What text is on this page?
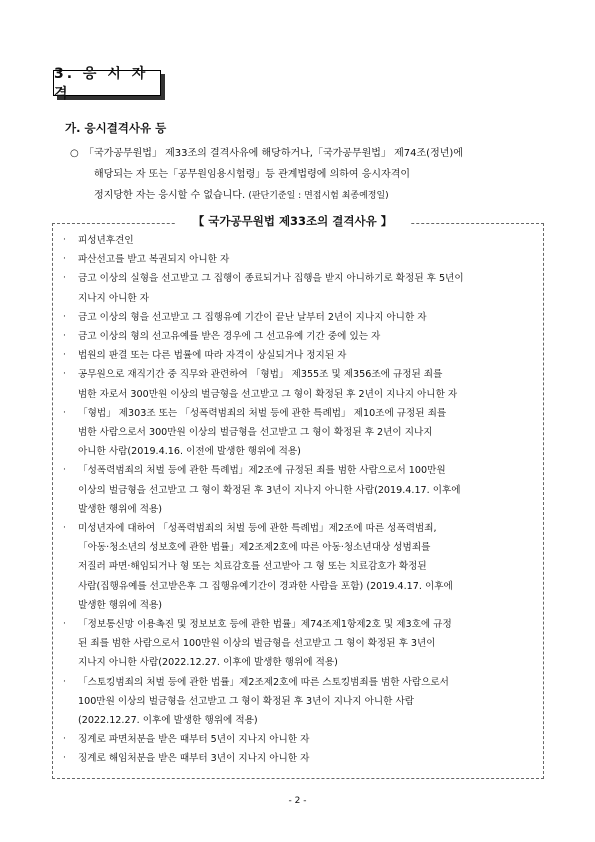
3. 응 시 자 격
가. 응시결격사유 등
○ 「국가공무원법」 제33조의 결격사유에 해당하거나,「국가공무원법」 제74조(정년)에
해당되는 자 또는「공무원임용시험령」등 관계법령에 의하여 응시자격이
정지당한 자는 응시할 수 없습니다. (판단기준일 : 면접시험 최종예정일)
【 국가공무원법 제33조의 결격사유 】
· 피성년후견인
· 파산선고를 받고 복권되지 아니한 자
· 금고 이상의 실형을 선고받고 그 집행이 종료되거나 집행을 받지 아니하기로 확정된 후 5년이
지나지 아니한 자
· 금고 이상의 형을 선고받고 그 집행유예 기간이 끝난 날부터 2년이 지나지 아니한 자
· 금고 이상의 형의 선고유예를 받은 경우에 그 선고유예 기간 중에 있는 자
· 법원의 판결 또는 다른 법률에 따라 자격이 상실되거나 정지된 자
· 공무원으로 재직기간 중 직무와 관련하여 「형법」 제355조 및 제356조에 규정된 죄를
범한 자로서 300만원 이상의 벌금형을 선고받고 그 형이 확정된 후 2년이 지나지 아니한 자
· 「형법」 제303조 또는 「성폭력범죄의 처벌 등에 관한 특례법」 제10조에 규정된 죄를
범한 사람으로서 300만원 이상의 벌금형을 선고받고 그 형이 확정된 후 2년이 지나지
아니한 사람(2019.4.16. 이전에 발생한 행위에 적용)
· 「성폭력범죄의 처벌 등에 관한 특례법」제2조에 규정된 죄를 범한 사람으로서 100만원
이상의 벌금형을 선고받고 그 형이 확정된 후 3년이 지나지 아니한 사람(2019.4.17. 이후에
발생한 행위에 적용)
· 미성년자에 대하여 「성폭력범죄의 처벌 등에 관한 특례법」제2조에 따른 성폭력범죄,
「아동·청소년의 성보호에 관한 법률」제2조제2호에 따른 아동·청소년대상 성범죄를
저질러 파면·해임되거나 형 또는 치료감호를 선고받아 그 형 또는 치료감호가 확정된
사람(집행유예를 선고받은후 그 집행유예기간이 경과한 사람을 포함) (2019.4.17. 이후에
발생한 행위에 적용)
· 「정보통신망 이용촉진 및 정보보호 등에 관한 법률」제74조제1항제2호 및 제3호에 규정
된 죄를 범한 사람으로서 100만원 이상의 벌금형을 선고받고 그 형이 확정된 후 3년이
지나지 아니한 사람(2022.12.27. 이후에 발생한 행위에 적용)
· 「스토킹범죄의 처벌 등에 관한 법률」제2조제2호에 따른 스토킹범죄를 범한 사람으로서
100만원 이상의 벌금형을 선고받고 그 형이 확정된 후 3년이 지나지 아니한 사람
(2022.12.27. 이후에 발생한 행위에 적용)
· 징계로 파면처분을 받은 때부터 5년이 지나지 아니한 자
· 징계로 해임처분을 받은 때부터 3년이 지나지 아니한 자
- 2 -
